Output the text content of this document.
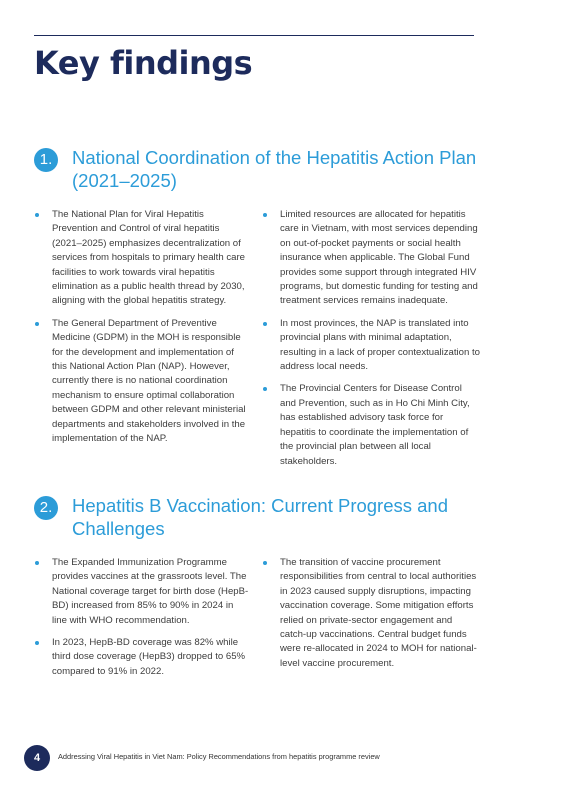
Key findings
1.	National Coordination of the Hepatitis Action Plan (2021–2025)
The National Plan for Viral Hepatitis Prevention and Control of viral hepatitis (2021–2025) emphasizes decentralization of services from hospitals to primary health care facilities to work towards viral hepatitis elimination as a public health thread by 2030, aligning with the global hepatitis strategy.
The General Department of Preventive Medicine (GDPM) in the MOH is responsible for the development and implementation of this National Action Plan (NAP). However, currently there is no national coordination mechanism to ensure optimal collaboration between GDPM and other relevant ministerial departments and stakeholders involved in the implementation of the NAP.
Limited resources are allocated for hepatitis care in Vietnam, with most services depending on out-of-pocket payments or social health insurance when applicable. The Global Fund provides some support through integrated HIV programs, but domestic funding for testing and treatment services remains inadequate.
In most provinces, the NAP is translated into provincial plans with minimal adaptation, resulting in a lack of proper contextualization to address local needs.
The Provincial Centers for Disease Control and Prevention, such as in Ho Chi Minh City, has established advisory task force for hepatitis to coordinate the implementation of the provincial plan between all local stakeholders.
2.	Hepatitis B Vaccination: Current Progress and Challenges
The Expanded Immunization Programme provides vaccines at the grassroots level. The National coverage target for birth dose (HepB-BD) increased from 85% to 90% in 2024 in line with WHO recommendation.
In 2023, HepB-BD coverage was 82% while third dose coverage (HepB3) dropped to 65% compared to 91% in 2022.
The transition of vaccine procurement responsibilities from central to local authorities in 2023 caused supply disruptions, impacting vaccination coverage. Some mitigation efforts relied on private-sector engagement and catch-up vaccinations. Central budget funds were re-allocated in 2024 to MOH for national-level vaccine procurement.
4	Addressing Viral Hepatitis in Viet Nam: Policy Recommendations from hepatitis programme review
